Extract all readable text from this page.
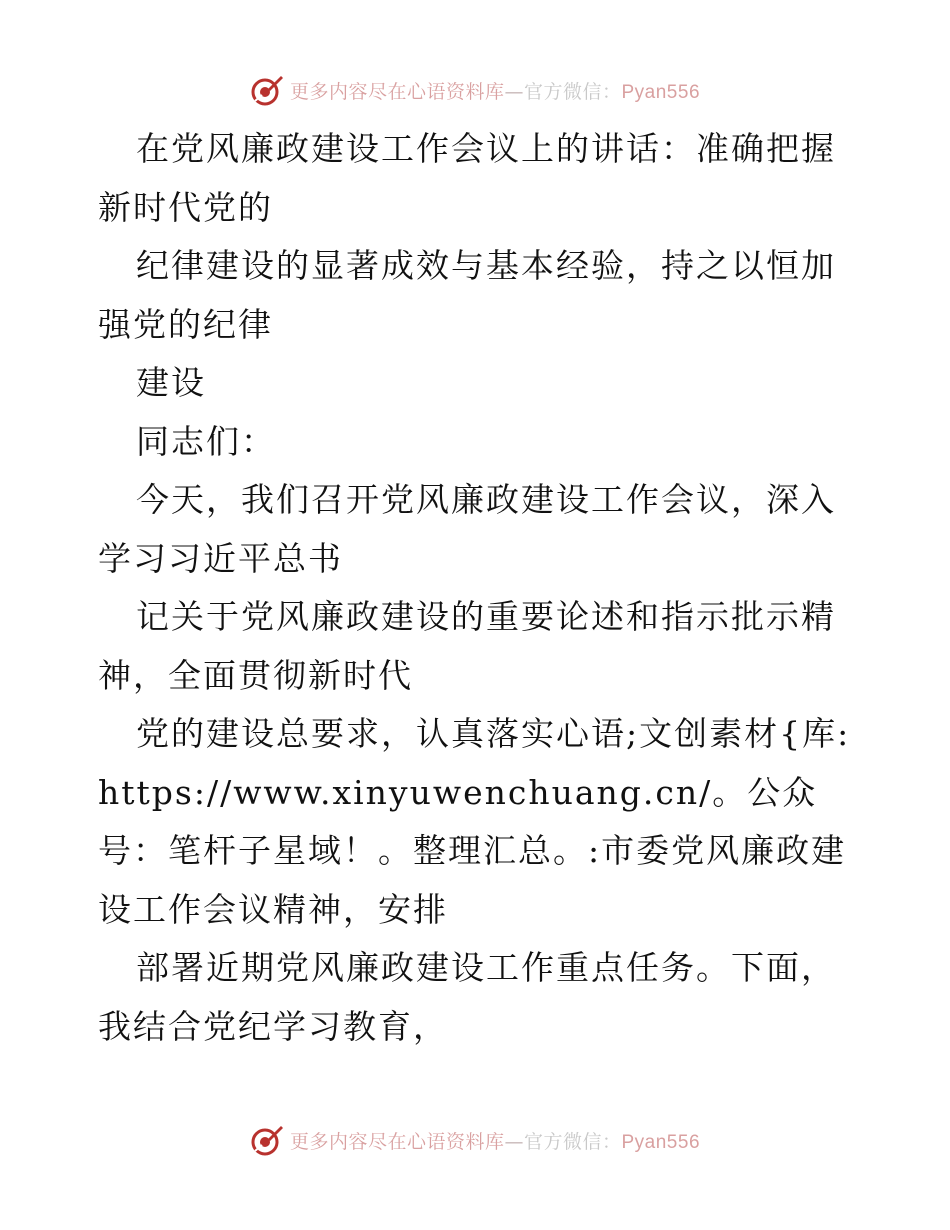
更多内容尽在心语资料库—官方微信：Pyan556

在党风廉政建设工作会议上的讲话：准确把握新时代党的

纪律建设的显著成效与基本经验，持之以恒加强党的纪律

建设

同志们：

今天，我们召开党风廉政建设工作会议，深入学习习近平总书

记关于党风廉政建设的重要论述和指示批示精神，全面贯彻新时代

党的建设总要求，认真落实心语;文创素材{库:https://www.xinyuwenchuang.cn/。公众号：笔杆子星域！。整理汇总。:市委党风廉政建设工作会议精神，安排

部署近期党风廉政建设工作重点任务。下面，我结合党纪学习教育，

更多内容尽在心语资料库—官方微信：Pyan556
